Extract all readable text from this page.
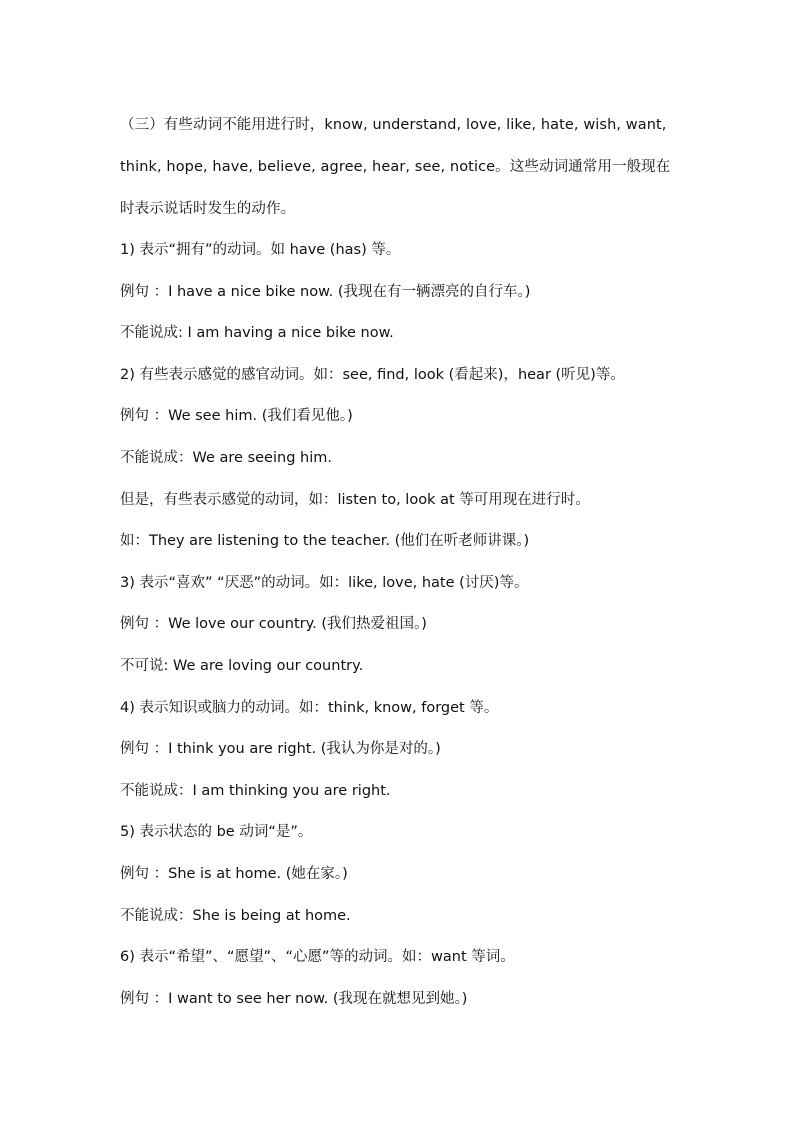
（三）有些动词不能用进行时，know, understand, love, like, hate, wish, want, think, hope, have, believe, agree, hear, see, notice。这些动词通常用一般现在时表示说话时发生的动作。

1) 表示“拥有”的动词。如 have (has) 等。

例句 ：I have a nice bike now. (我现在有一辆漂亮的自行车。)

不能说成: I am having a nice bike now.

2) 有些表示感觉的感官动词。如：see, find, look (看起来)，hear (听见)等。

例句 ：We see him. (我们看见他。)

不能说成：We are seeing him.

但是，有些表示感觉的动词，如：listen to, look at 等可用现在进行时。

如：They are listening to the teacher. (他们在听老师讲课。)

3) 表示“喜欢” “厌恶”的动词。如：like, love, hate (讨厌)等。

例句 ：We love our country. (我们热爱祖国。)

不可说: We are loving our country.

4) 表示知识或脑力的动词。如：think, know, forget 等。

例句 ：I think you are right. (我认为你是对的。)

不能说成：I am thinking you are right.

5) 表示状态的 be 动词“是”。

例句 ：She is at home. (她在家。)

不能说成：She is being at home.

6) 表示“希望”、“愿望”、“心愿”等的动词。如：want 等词。

例句 ：I want to see her now. (我现在就想见到她。)
